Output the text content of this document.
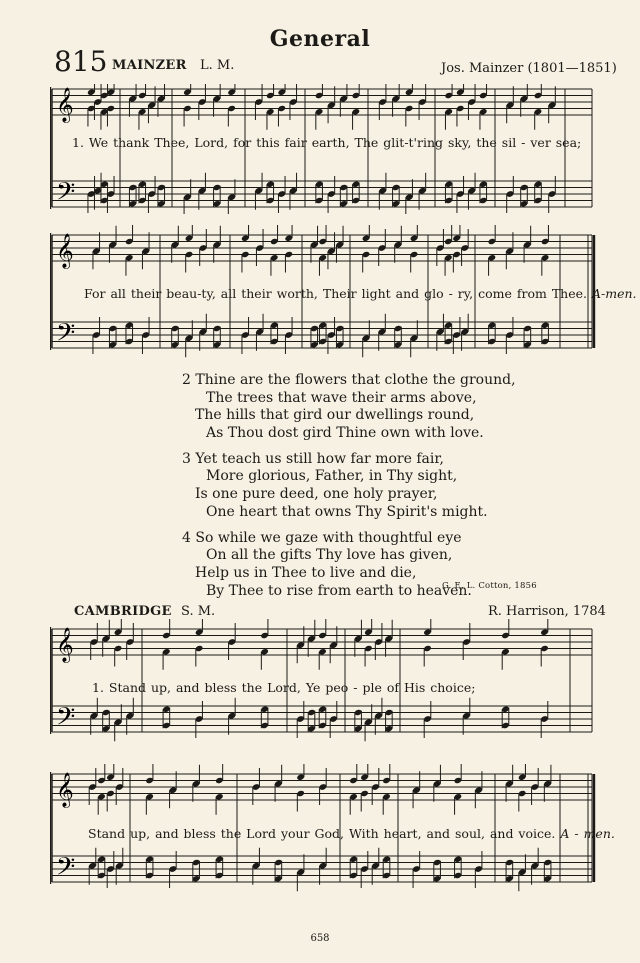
General
815 MAINZER L. M.	Jos. Mainzer (1801—1851)
𝄞
𝄢
1. We thank Thee, Lord, for this fair earth, The glit-t'ring sky, the sil - ver sea;
𝄞
𝄢
For all their beau-ty, all their worth, Their light and glo - ry, come from Thee. A-men.
2 Thine are the flowers that clothe the ground,
The trees that wave their arms above,
The hills that gird our dwellings round,
As Thou dost gird Thine own with love.
3 Yet teach us still how far more fair,
More glorious, Father, in Thy sight,
Is one pure deed, one holy prayer,
One heart that owns Thy Spirit's might.
4 So while we gaze with thoughtful eye
On all the gifts Thy love has given,
Help us in Thee to live and die,
By Thee to rise from earth to heaven.
G. E. L. Cotton, 1856
CAMBRIDGE S. M.	R. Harrison, 1784
𝄞
𝄢
1. Stand up, and bless the Lord, Ye peo - ple of His choice;
𝄞
𝄢
Stand up, and bless the Lord your God, With heart, and soul, and voice. A - men.
658
